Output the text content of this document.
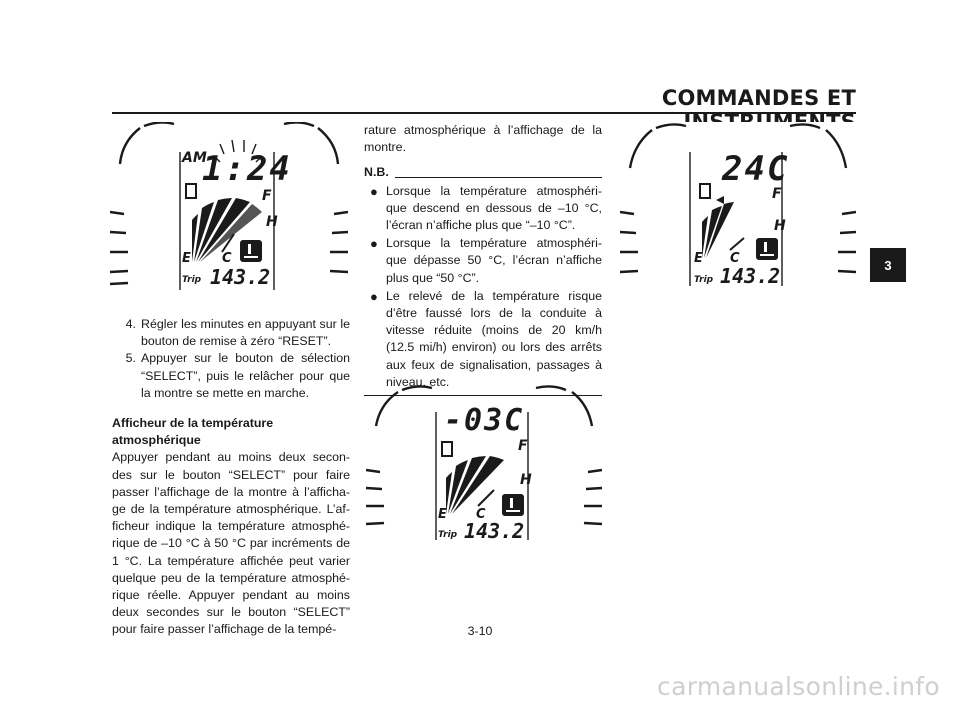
COMMANDES ET
AM
1:24
F
H
E C
Trip 143.2
24C
F
H
E C
Trip 143.2
-03C
F
H
E C
Trip 143.2
4. Régler les minutes en appuyant sur le bouton de remise à zéro “RESET”.
5. Appuyer sur le bouton de sélection “SELECT”, puis le relâcher pour que la montre se mette en marche.
Afficheur de la température
atmosphérique
Appuyer pendant au moins deux secon-des sur le bouton “SELECT” pour faire passer l’affichage de la montre à l’afficha-ge de la température atmosphérique. L’af-ficheur indique la température atmosphé-rique de –10 °C à 50 °C par incréments de 1 °C. La température affichée peut varier quelque peu de la température atmosphé-rique réelle. Appuyer pendant au moins deux secondes sur le bouton “SELECT” pour faire passer l’affichage de la tempé-

rature atmosphérique à l’affichage de la montre.

N.B.
● Lorsque la température atmosphéri-que descend en dessous de –10 °C, l’écran n’affiche plus que “–10 °C”.
● Lorsque la température atmosphéri-que dépasse 50 °C, l’écran n’affiche plus que “50 °C”.
● Le relevé de la température risque d’être faussé lors de la conduite à vitesse réduite (moins de 20 km/h (12.5 mi/h) environ) ou lors des arrêts aux feux de signalisation, passages à niveau, etc.
3
3-10
carmanualsonline.info
